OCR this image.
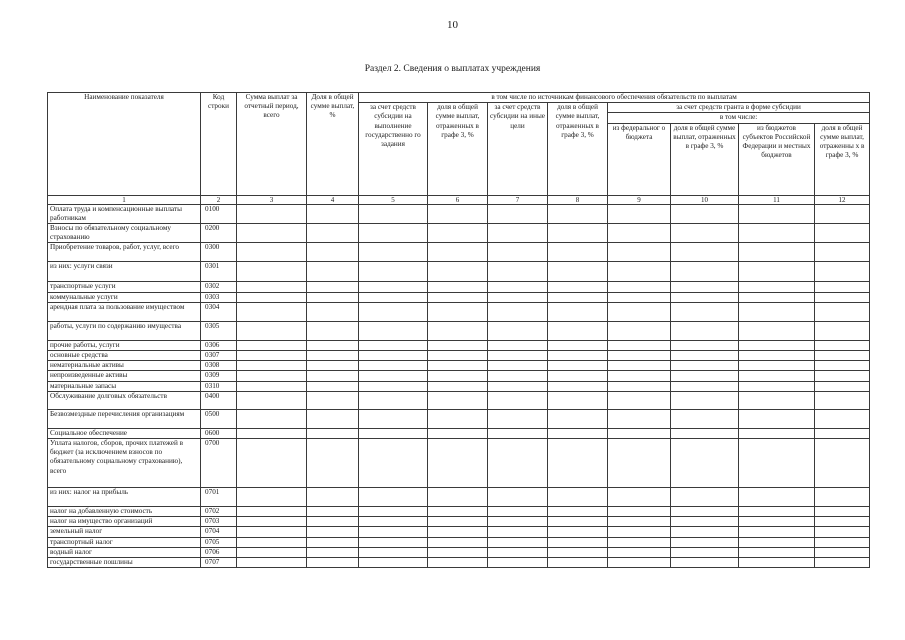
10
Раздел 2. Сведения о выплатах учреждения
Наименование показателя	Код строки	Сумма выплат за отчетный период, всего	Доля в общей сумме выплат, %	в том числе по источникам финансового обеспечения обязательств по выплатам							
				за счет средств субсидии на выполнение государственно го задания	доля в общей сумме выплат, отраженных в графе 3, %	за счет средств субсидии на иные цели	доля в общей сумме выплат, отраженных в графе 3, %	за счет средств гранта в форме субсидии			
								в том числе:			
								из федеральног о бюджета	доля в общей сумме выплат, отраженных в графе 3, %	из бюджетов субъектов Российской Федерации и местных бюджетов	доля в общей сумме выплат, отраженны х в графе 3, %
1	2	3	4	5	6	7	8	9	10	11	12
Оплата труда и компенсационные выплаты работникам	0100										
Взносы по обязательному социальному страхованию	0200										
Приобретение товаров, работ, услуг, всего	0300										
из них: услуги связи	0301										
транспортные услуги	0302										
коммунальные услуги	0303										
арендная плата за пользование имуществом	0304										
работы, услуги по содержанию имущества	0305										
прочие работы, услуги	0306										
основные средства	0307										
нематериальные активы	0308										
непроизведенные активы	0309										
материальные запасы	0310										
Обслуживание долговых обязательств	0400										
Безвозмездные перечисления организациям	0500										
Социальное обеспечение	0600										
Уплата налогов, сборов, прочих платежей в бюджет (за исключением взносов по обязательному социальному страхованию), всего	0700										
из них: налог на прибыль	0701										
налог на добавленную стоимость	0702										
налог на имущество организаций	0703										
земельный налог	0704										
транспортный налог	0705										
водный налог	0706										
государственные пошлины	0707										
